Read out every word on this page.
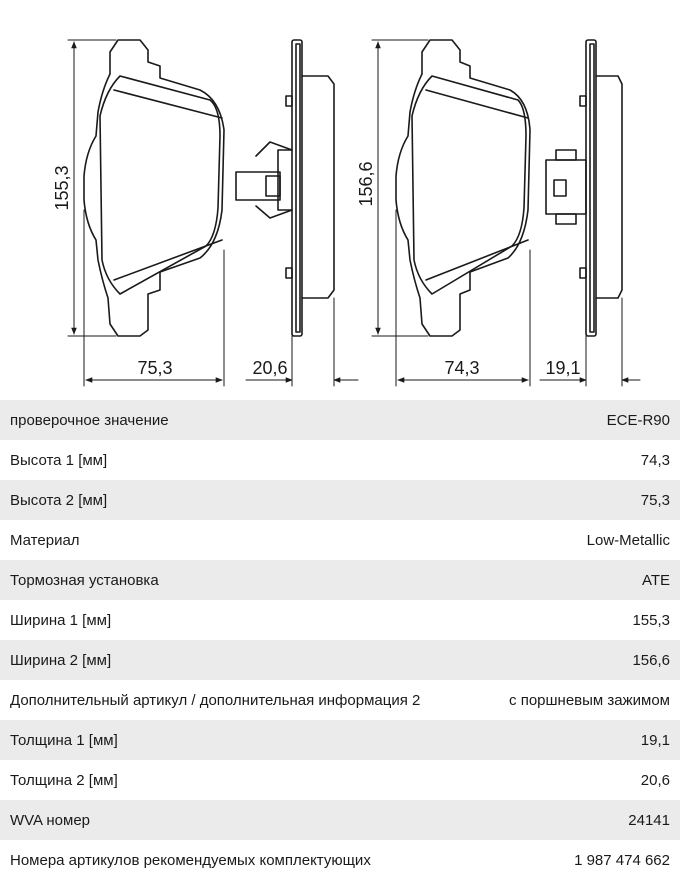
155,3
75,3	20,6
156,6
74,3	19,1
проверочное значение	ECE-R90
Высота 1 [мм]	74,3
Высота 2 [мм]	75,3
Материал	Low-Metallic
Тормозная установка	ATE
Ширина 1 [мм]	155,3
Ширина 2 [мм]	156,6
Дополнительный артикул / дополнительная информация 2	с поршневым зажимом
Толщина 1 [мм]	19,1
Толщина 2 [мм]	20,6
WVA номер	24141
Номера артикулов рекомендуемых комплектующих	1 987 474 662
